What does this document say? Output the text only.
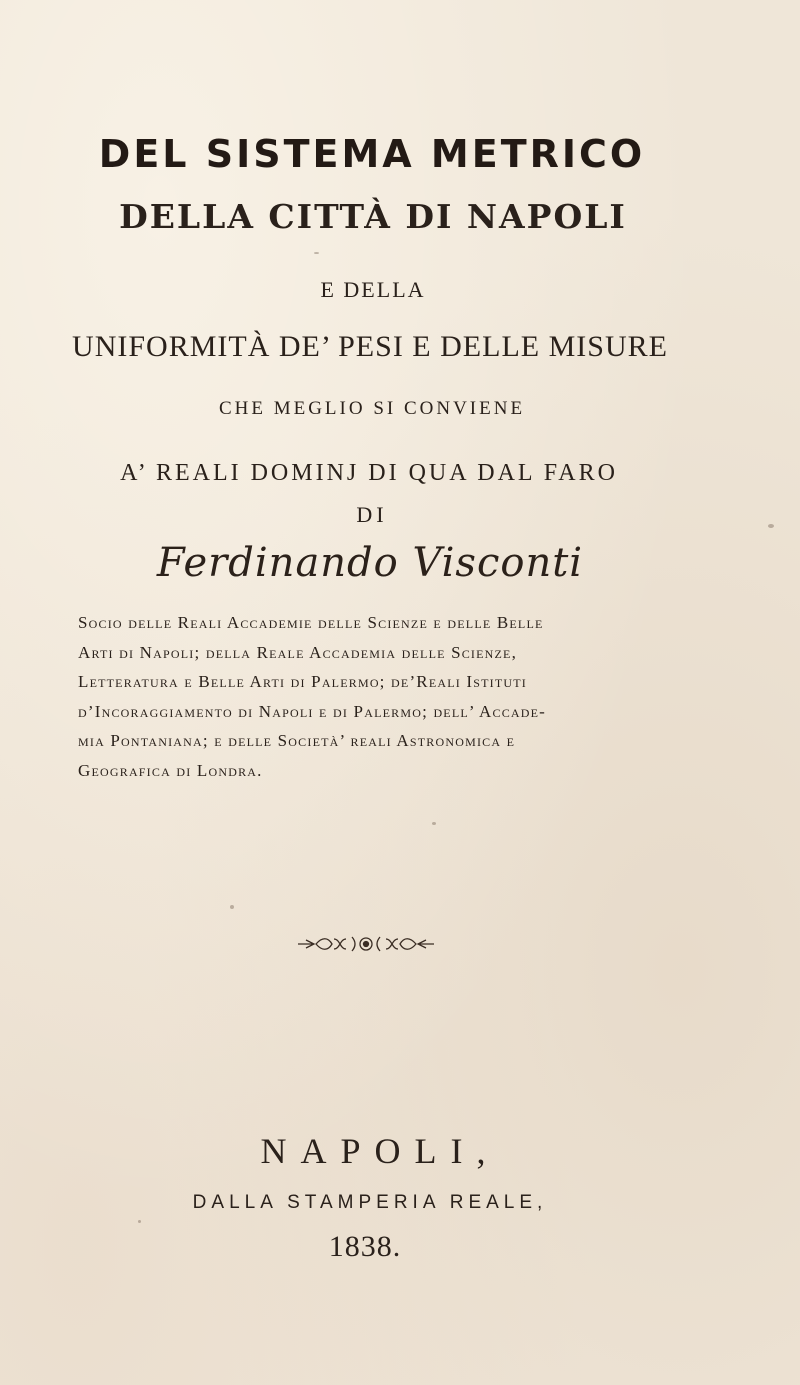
DEL SISTEMA METRICO
DELLA CITTÀ DI NAPOLI
E DELLA
UNIFORMITÀ DE’ PESI E DELLE MISURE
CHE MEGLIO SI CONVIENE
A’ REALI DOMINJ DI QUA DAL FARO
DI
Ferdinando Visconti
Socio delle Reali Accademie delle Scienze e delle Belle
Arti di Napoli; della Reale Accademia delle Scienze,
Letteratura e Belle Arti di Palermo; de’Reali Istituti
d’Incoraggiamento di Napoli e di Palermo; dell’ Accade-
mia Pontaniana; e delle Società’ reali Astronomica e
Geografica di Londra.
NAPOLI,
DALLA STAMPERIA REALE,
1838.
